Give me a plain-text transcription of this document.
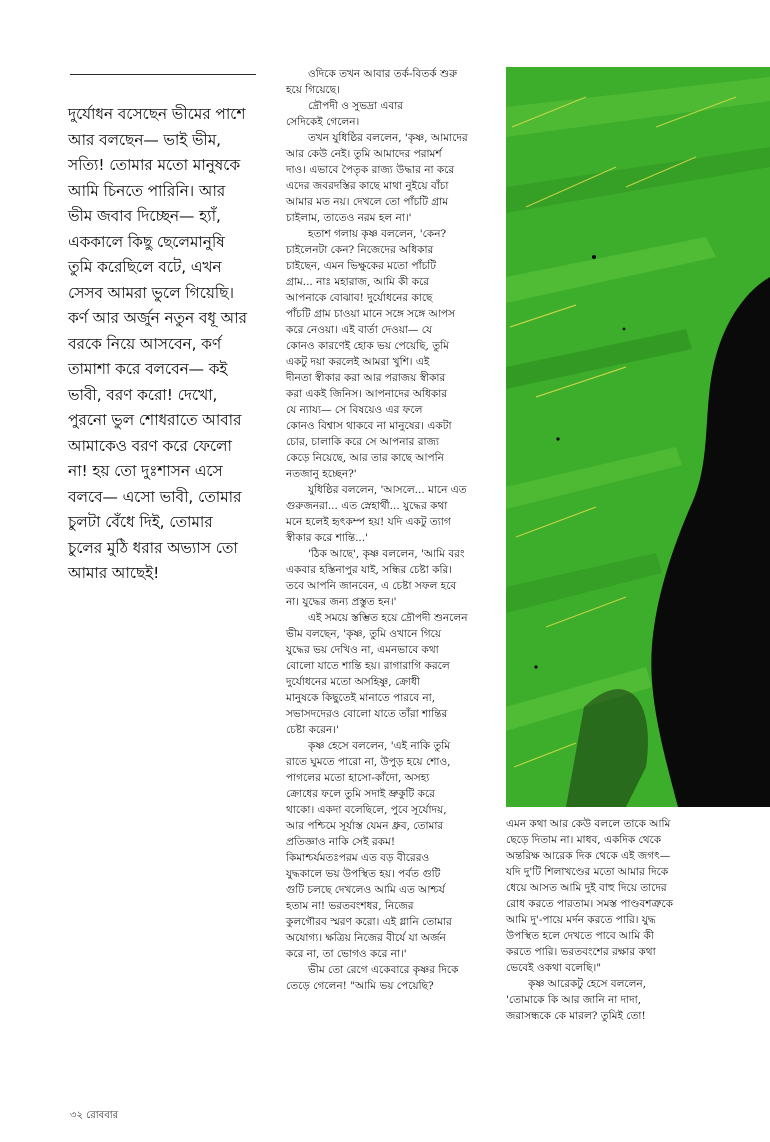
দুর্যোধন বসেছেন ভীমের পাশে
আর বলছেন— ভাই ভীম,
সত্যি! তোমার মতো মানুষকে
আমি চিনতে পারিনি। আর
ভীম জবাব দিচ্ছেন— হ্যাঁ,
এককালে কিছু ছেলেমানুষি
তুমি করেছিলে বটে, এখন
সেসব আমরা ভুলে গিয়েছি।
কর্ণ আর অর্জুন নতুন বধূ আর
বরকে নিয়ে আসবেন, কর্ণ
তামাশা করে বলবেন— কই
ভাবী, বরণ করো! দেখো,
পুরনো ভুল শোধরাতে আবার
আমাকেও বরণ করে ফেলো
না! হয় তো দুঃশাসন এসে
বলবে— এসো ভাবী, তোমার
চুলটা বেঁধে দিই, তোমার
চুলের মুঠি ধরার অভ্যাস তো
আমার আছেই!

ওদিকে তখন আবার তর্ক-বিতর্ক শুরু
হয়ে গিয়েছে।

দ্রৌপদী ও সুভদ্রা এবার
সেদিকেই গেলেন।

তখন যুধিষ্ঠির বললেন, 'কৃষ্ণ, আমাদের
আর কেউ নেই। তুমি আমাদের পরামর্শ
দাও। এভাবে পৈতৃক রাজ্য উদ্ধার না করে
এদের জবরদস্তির কাছে মাথা নুইয়ে বাঁচা
আমার মত নয়। দেখলে তো পাঁচটি গ্রাম
চাইলাম, তাতেও নরম হল না।'

হতাশ গলায় কৃষ্ণ বললেন, 'কেন?
চাইলেনটা কেন? নিজেদের অধিকার
চাইছেন, এমন ভিক্ষুকের মতো পাঁচটি
গ্রাম... নাঃ মহারাজ, আমি কী করে
আপনাকে বোঝাব! দুর্যোধনের কাছে
পাঁচটি গ্রাম চাওয়া মানে সঙ্গে সঙ্গে আপস
করে নেওয়া। এই বার্তা দেওয়া— যে
কোনও কারণেই হোক ভয় পেয়েছি, তুমি
একটু দয়া করলেই আমরা খুশি। এই
দীনতা স্বীকার করা আর পরাজয় স্বীকার
করা একই জিনিস। আপনাদের অধিকার
যে ন্যায্য— সে বিষয়েও এর ফলে
কোনও বিশ্বাস থাকবে না মানুষের। একটা
চোর, চালাকি করে সে আপনার রাজ্য
কেড়ে নিয়েছে, আর তার কাছে আপনি
নতজানু হচ্ছেন?'

যুধিষ্ঠির বললেন, 'আসলে... মানে এত
গুরুজনরা... এত স্নেহার্থী... যুদ্ধের কথা
মনে হলেই হৃৎকম্প হয়! যদি একটু ত্যাগ
স্বীকার করে শান্তি...'

'ঠিক আছে', কৃষ্ণ বললেন, 'আমি বরং
একবার হস্তিনাপুর যাই, সন্ধির চেষ্টা করি।
তবে আপনি জানবেন, এ চেষ্টা সফল হবে
না। যুদ্ধের জন্য প্রস্তুত হন।'

এই সময়ে স্তম্ভিত হয়ে দ্রৌপদী শুনলেন
ভীম বলছেন, 'কৃষ্ণ, তুমি ওখানে গিয়ে
যুদ্ধের ভয় দেখিও না, এমনভাবে কথা
বোলো যাতে শান্তি হয়। রাগারাগি করলে
দুর্যোধনের মতো অসহিষ্ণু, ক্রোধী
মানুষকে কিছুতেই মানাতে পারবে না,
সভাসদদেরও বোলো যাতে তাঁরা শান্তির
চেষ্টা করেন।'

কৃষ্ণ হেসে বললেন, 'এই নাকি তুমি
রাতে ঘুমতে পারো না, উপুড় হয়ে শোও,
পাগলের মতো হাসো-কাঁদো, অসহ্য
ক্রোধের ফলে তুমি সদাই ভ্রুকুটি করে
থাকো। একদা বলেছিলে, পুবে সূর্যোদয়,
আর পশ্চিমে সূর্যাস্ত যেমন ধ্রুব, তোমার
প্রতিজ্ঞাও নাকি সেই রকম!
কিমাশ্চর্যমতঃপরম এত বড় বীরেরও
যুদ্ধকালে ভয় উপস্থিত হয়। পর্বত গুটি
গুটি চলছে দেখলেও আমি এত আশ্চর্য
হতাম না! ভরতবংশধর, নিজের
কুলগৌরব স্মরণ করো। এই গ্লানি তোমার
অযোগ্য। ক্ষত্রিয় নিজের বীর্যে যা অর্জন
করে না, তা ভোগও করে না।'

ভীম তো রেগে একেবারে কৃষ্ণর দিকে
তেড়ে গেলেন! "আমি ভয় পেয়েছি?

এমন কথা আর কেউ বললে তাকে আমি
ছেড়ে দিতাম না। মাধব, একদিক থেকে
অন্তরিক্ষ আরেক দিক থেকে এই জগৎ—
যদি দু'টি শিলাখণ্ডের মতো আমার দিকে
ধেয়ে আসত আমি দুই বাহু দিয়ে তাদের
রোধ করতে পারতাম। সমস্ত পাণ্ডবশত্রুকে
আমি দু'-পায়ে মর্দন করতে পারি। যুদ্ধ
উপস্থিত হলে দেখতে পাবে আমি কী
করতে পারি। ভরতবংশের রক্ষার কথা
ভেবেই ওকথা বলেছি।"

কৃষ্ণ আরেকটু হেসে বললেন,
'তোমাকে কি আর জানি না দাদা,
জরাসন্ধকে কে মারল? তুমিই তো!

৩২ রোববার
